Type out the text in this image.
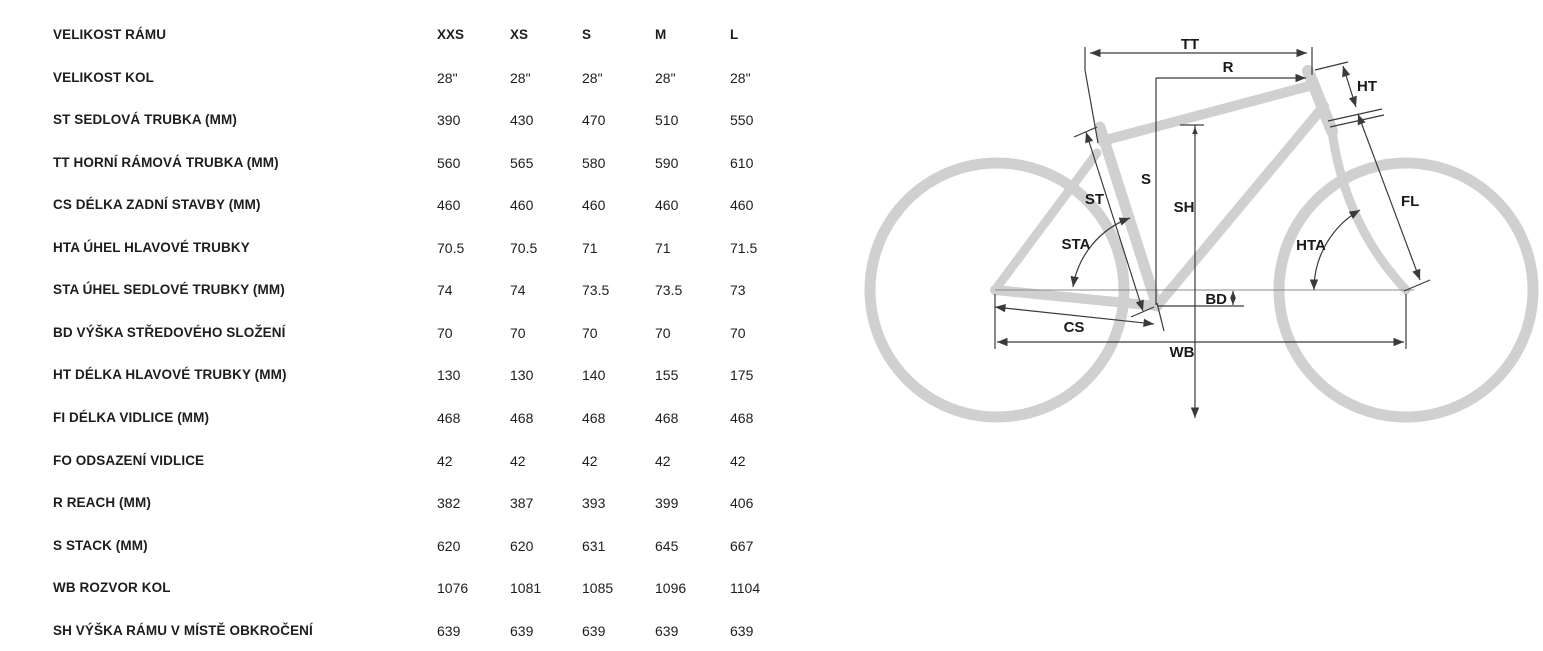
VELIKOST RÁMU	XXS	XS	S	M	L
VELIKOST KOL	28"	28"	28"	28"	28"
ST SEDLOVÁ TRUBKA (MM)	390	430	470	510	550
TT HORNÍ RÁMOVÁ TRUBKA (MM)	560	565	580	590	610
CS DÉLKA ZADNÍ STAVBY (MM)	460	460	460	460	460
HTA ÚHEL HLAVOVÉ TRUBKY	70.5	70.5	71	71	71.5
STA ÚHEL SEDLOVÉ TRUBKY (MM)	74	74	73.5	73.5	73
BD VÝŠKA STŘEDOVÉHO SLOŽENÍ	70	70	70	70	70
HT DÉLKA HLAVOVÉ TRUBKY (MM)	130	130	140	155	175
FI DÉLKA VIDLICE (MM)	468	468	468	468	468
FO ODSAZENÍ VIDLICE	42	42	42	42	42
R REACH (MM)	382	387	393	399	406
S STACK (MM)	620	620	631	645	667
WB ROZVOR KOL	1076	1081	1085	1096	1104
SH VÝŠKA RÁMU V MÍSTĚ OBKROČENÍ	639	639	639	639	639
TT
R
S
SH
ST
STA	HTA
HT
FL
BD
CS
WB
